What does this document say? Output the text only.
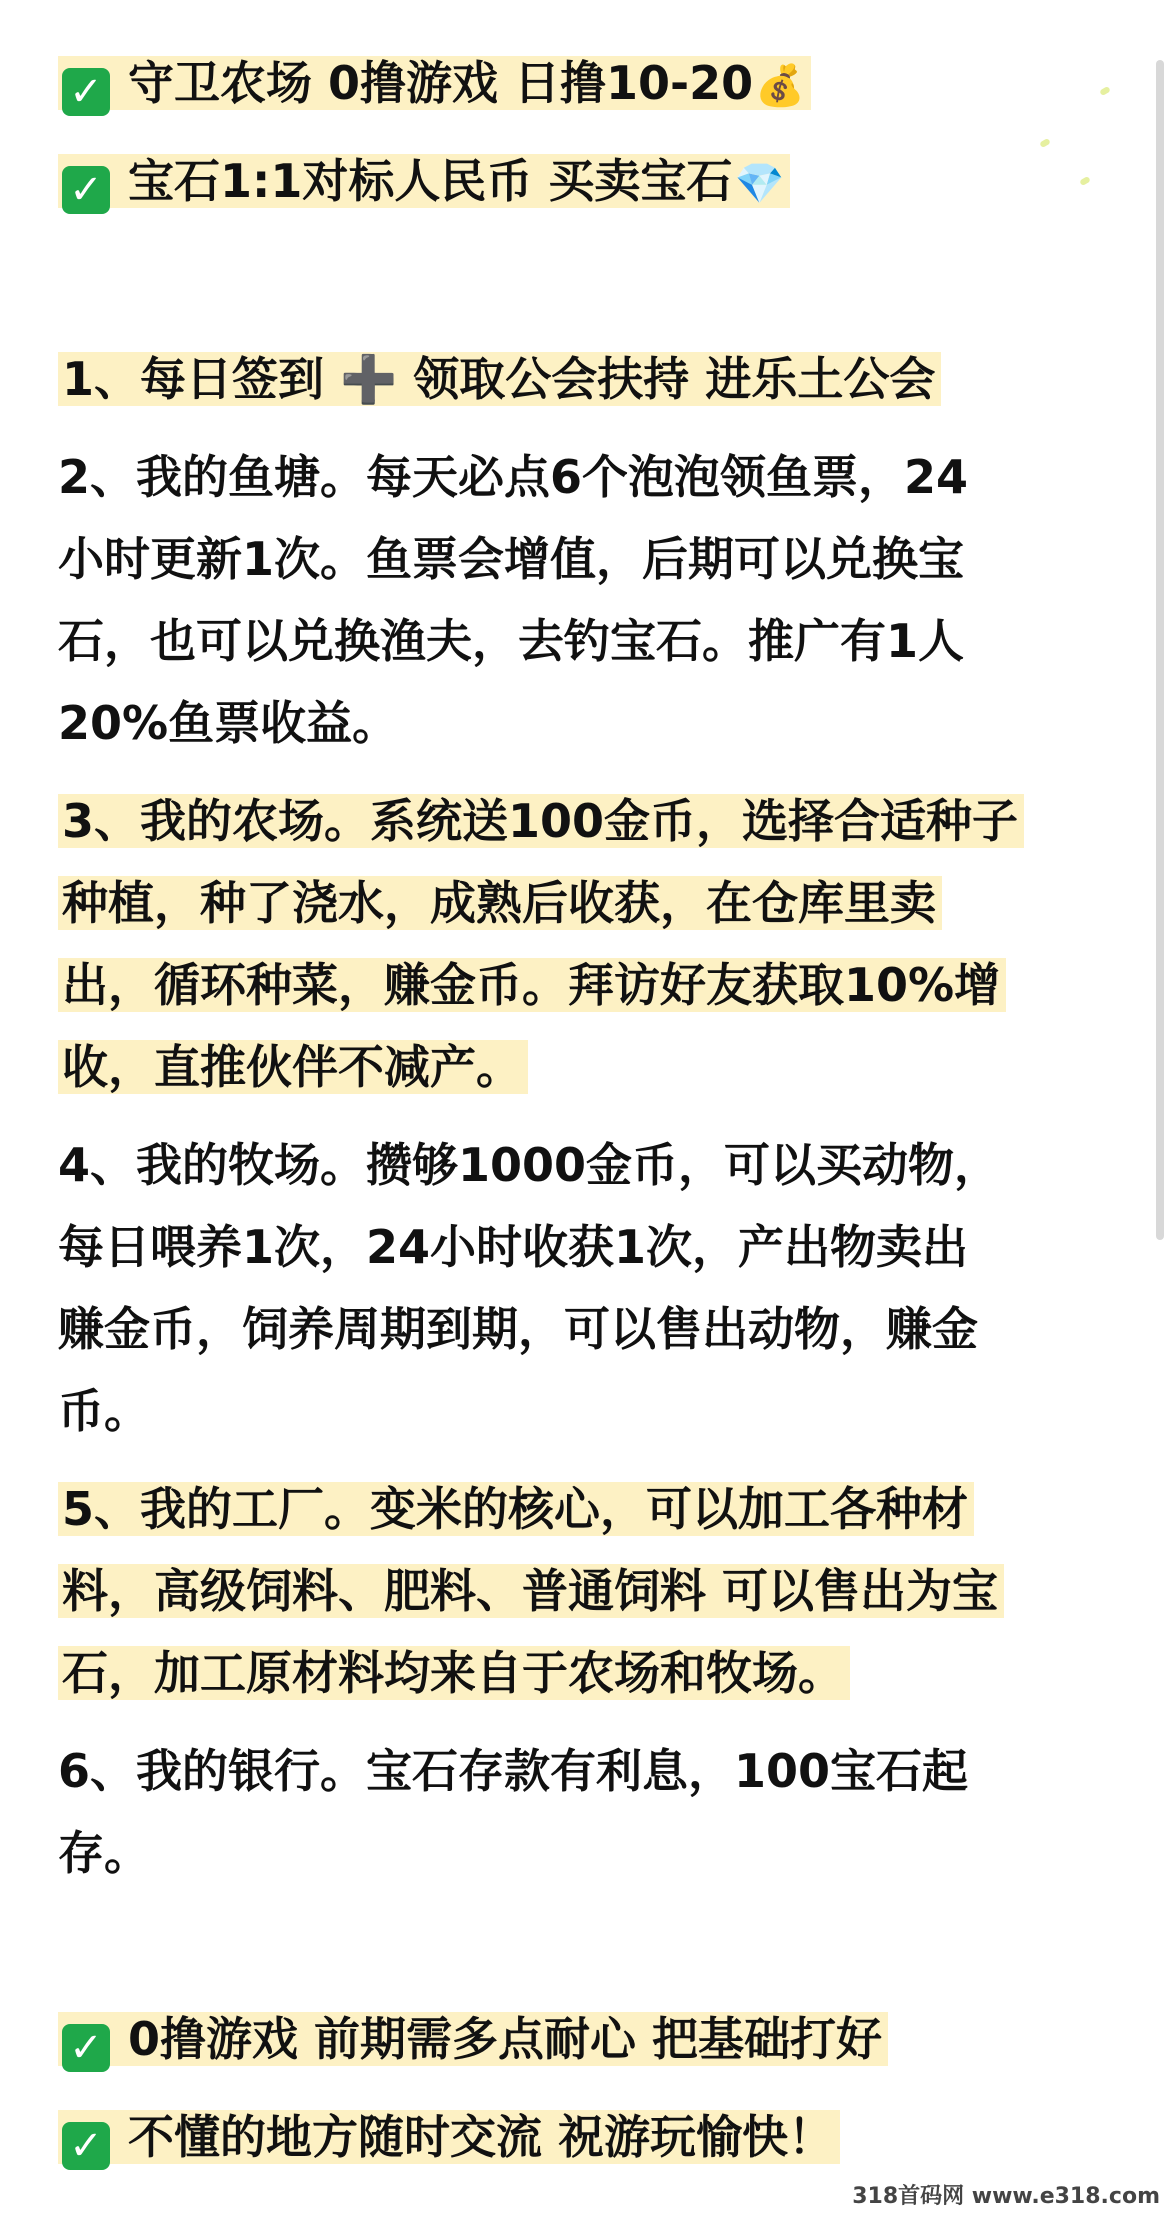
✓ 守卫农场 0撸游戏 日撸10-20💰
✓ 宝石1:1对标人民币 买卖宝石💎
1、每日签到 ➕ 领取公会扶持 进乐土公会
2、我的鱼塘。每天必点6个泡泡领鱼票，24
小时更新1次。鱼票会增值，后期可以兑换宝
石，也可以兑换渔夫，去钓宝石。推广有1人
20%鱼票收益。
3、我的农场。系统送100金币，选择合适种子
种植，种了浇水，成熟后收获，在仓库里卖
出，循环种菜，赚金币。拜访好友获取10%增
收，直推伙伴不减产。
4、我的牧场。攒够1000金币，可以买动物，
每日喂养1次，24小时收获1次，产出物卖出
赚金币，饲养周期到期，可以售出动物，赚金
币。
5、我的工厂。变米的核心，可以加工各种材
料，高级饲料、肥料、普通饲料 可以售出为宝
石，加工原材料均来自于农场和牧场。
6、我的银行。宝石存款有利息，100宝石起
存。
✓ 0撸游戏 前期需多点耐心 把基础打好
✓ 不懂的地方随时交流 祝游玩愉快！
318首码网 www.e318.com
